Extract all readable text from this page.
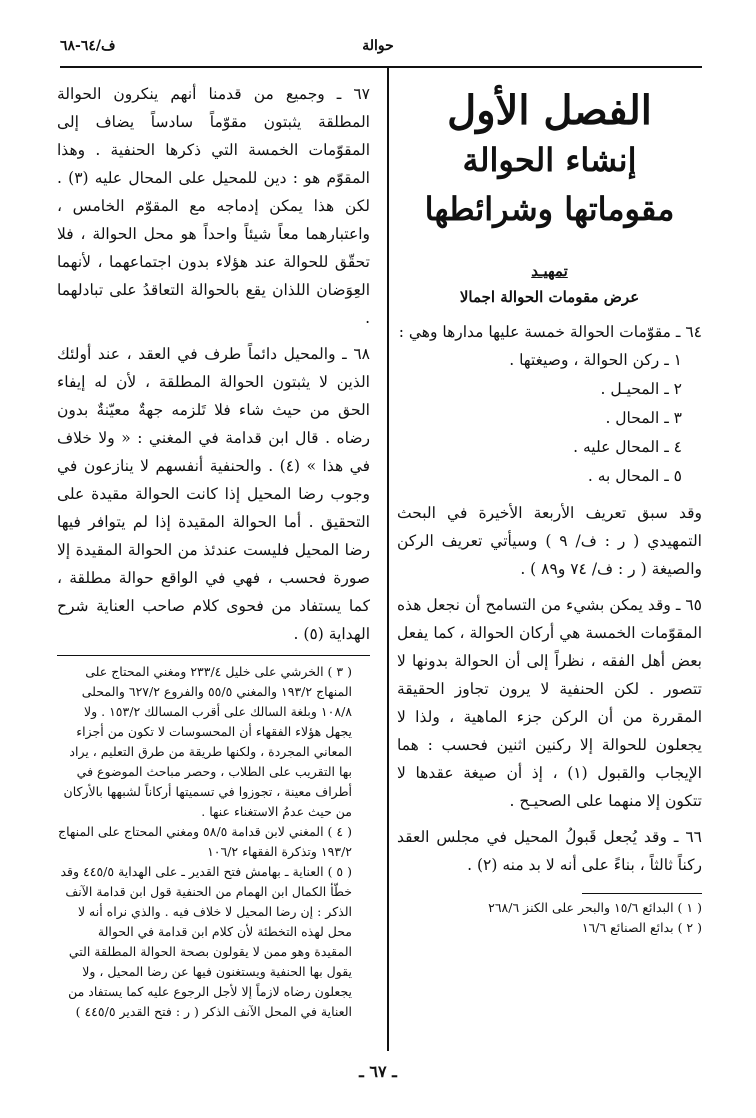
حوالة
ف/٦٤-٦٨
الفصل الأول
إنشاء الحوالة
مقوماتها وشرائطها
تمهيـد
عرض مقومات الحوالة اجمالا

٦٤ ـ مقوّمات الحوالة خمسة عليها مدارها وهي :

١ ـ ركن الحوالة ، وصيغتها .
٢ ـ المحيـل .
٣ ـ المحال .
٤ ـ المحال عليه .
٥ ـ المحال به .

وقد سبق تعريف الأربعة الأخيرة في البحث التمهيدي ( ر : ف/ ٩ ) وسيأتي تعريف الركن والصيغة ( ر : ف/ ٧٤ و٨٩ ) .

٦٥ ـ وقد يمكن بشيء من التسامح أن نجعل هذه المقوّمات الخمسة هي أركان الحوالة ، كما يفعل بعض أهل الفقه ، نظراً إلى أن الحوالة بدونها لا تتصور . لكن الحنفية لا يرون تجاوز الحقيقة المقررة من أن الركن جزء الماهية ، ولذا لا يجعلون للحوالة إلا ركنين اثنين فحسب : هما الإيجاب والقبول (١) ، إذ أن صيغة عقدها لا تتكون إلا منهما على الصحيـح .

٦٦ ـ وقد يُجعل قَبولُ المحيل في مجلس العقد ركناً ثالثاً ، بناءً على أنه لا بد منه (٢) .

( ١ ) البدائع ١٥/٦ والبحر على الكنز ٢٦٨/٦
( ٢ ) بدائع الصنائع ١٦/٦

٦٧ ـ وجميع من قدمنا أنهم ينكرون الحوالة المطلقة يثبتون مقوّماً سادساً يضاف إلى المقوّمات الخمسة التي ذكرها الحنفية . وهذا المقوّم هو : دين للمحيل على المحال عليه (٣) . لكن هذا يمكن إدماجه مع المقوّم الخامس ، واعتبارهما معاً شيئاً واحداً هو محل الحوالة ، فلا تحقّق للحوالة عند هؤلاء بدون اجتماعهما ، لأنهما العِوَضان اللذان يقع بالحوالة التعاقدُ على تبادلهما .

٦٨ ـ والمحيل دائماً طرف في العقد ، عند أولئك الذين لا يثبتون الحوالة المطلقة ، لأن له إيفاء الحق من حيث شاء فلا تَلزمه جهةٌ معيّنةٌ بدون رضاه . قال ابن قدامة في المغني : « ولا خلاف في هذا » (٤) . والحنفية أنفسهم لا ينازعون في وجوب رضا المحيل إذا كانت الحوالة مقيدة على التحقيق . أما الحوالة المقيدة إذا لم يتوافر فيها رضا المحيل فليست عندئذ من الحوالة المقيدة إلا صورة فحسب ، فهي في الواقع حوالة مطلقة ، كما يستفاد من فحوى كلام صاحب العناية شرح الهداية (٥) .

( ٣ ) الخرشي على خليل ٢٣٣/٤ ومغني المحتاج على المنهاج ١٩٣/٢ والمغني ٥٥/٥ والفروع ٦٢٧/٢ والمحلى ١٠٨/٨ وبلغة السالك على أقرب المسالك ١٥٣/٢ . ولا يجهل هؤلاء الفقهاء أن المحسوسات لا تكون من أجزاء المعاني المجردة ، ولكنها طريقة من طرق التعليم ، يراد بها التقريب على الطلاب ، وحصر مباحث الموضوع في أطراف معينة ، تجوزوا في تسميتها أركاناً لشبهها بالأركان من حيث عدمُ الاستغناء عنها .
( ٤ ) المغني لابن قدامة ٥٨/٥ ومغني المحتاج على المنهاج ١٩٣/٢ وتذكرة الفقهاء ١٠٦/٢
( ٥ ) العناية ـ بهامش فتح القدير ـ على الهداية ٤٤٥/٥ وقد خطّأ الكمال ابن الهمام من الحنفية قول ابن قدامة الآنف الذكر : إن رضا المحيل لا خلاف فيه . والذي نراه أنه لا محل لهذه التخطئة لأن كلام ابن قدامة في الحوالة المقيدة وهو ممن لا يقولون بصحة الحوالة المطلقة التي يقول بها الحنفية ويستغنون فيها عن رضا المحيل ، ولا يجعلون رضاه لازماً إلا لأجل الرجوع عليه كما يستفاد من العناية في المحل الآنف الذكر ( ر : فتح القدير ٤٤٥/٥ )
ـ ٦٧ ـ
